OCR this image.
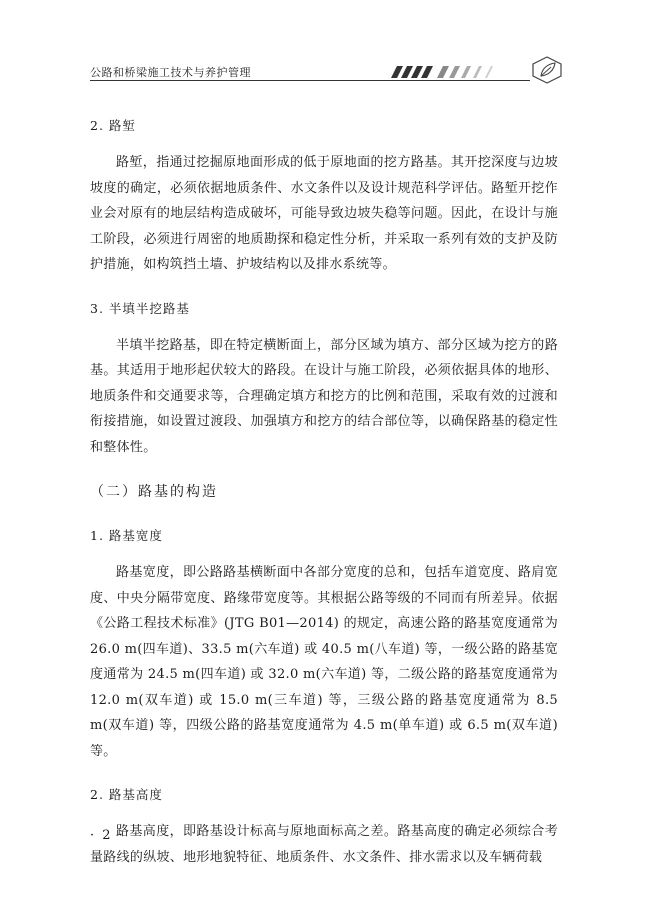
公路和桥梁施工技术与养护管理

2. 路堑

路堑，指通过挖掘原地面形成的低于原地面的挖方路基。其开挖深度与边坡坡度的确定，必须依据地质条件、水文条件以及设计规范科学评估。路堑开挖作业会对原有的地层结构造成破坏，可能导致边坡失稳等问题。因此，在设计与施工阶段，必须进行周密的地质勘探和稳定性分析，并采取一系列有效的支护及防护措施，如构筑挡土墙、护坡结构以及排水系统等。

3. 半填半挖路基

半填半挖路基，即在特定横断面上，部分区域为填方、部分区域为挖方的路基。其适用于地形起伏较大的路段。在设计与施工阶段，必须依据具体的地形、地质条件和交通要求等，合理确定填方和挖方的比例和范围，采取有效的过渡和衔接措施，如设置过渡段、加强填方和挖方的结合部位等，以确保路基的稳定性和整体性。

（二）路基的构造

1. 路基宽度

路基宽度，即公路路基横断面中各部分宽度的总和，包括车道宽度、路肩宽度、中央分隔带宽度、路缘带宽度等。其根据公路等级的不同而有所差异。依据《公路工程技术标准》(JTG B01—2014) 的规定，高速公路的路基宽度通常为 26.0 m(四车道)、33.5 m(六车道) 或 40.5 m(八车道) 等，一级公路的路基宽度通常为 24.5 m(四车道) 或 32.0 m(六车道) 等，二级公路的路基宽度通常为 12.0 m(双车道) 或 15.0 m(三车道) 等，三级公路的路基宽度通常为 8.5 m(双车道) 等，四级公路的路基宽度通常为 4.5 m(单车道) 或 6.5 m(双车道) 等。

2. 路基高度

路基高度，即路基设计标高与原地面标高之差。路基高度的确定必须综合考量路线的纵坡、地形地貌特征、地质条件、水文条件、排水需求以及车辆荷载

· 2 ·
